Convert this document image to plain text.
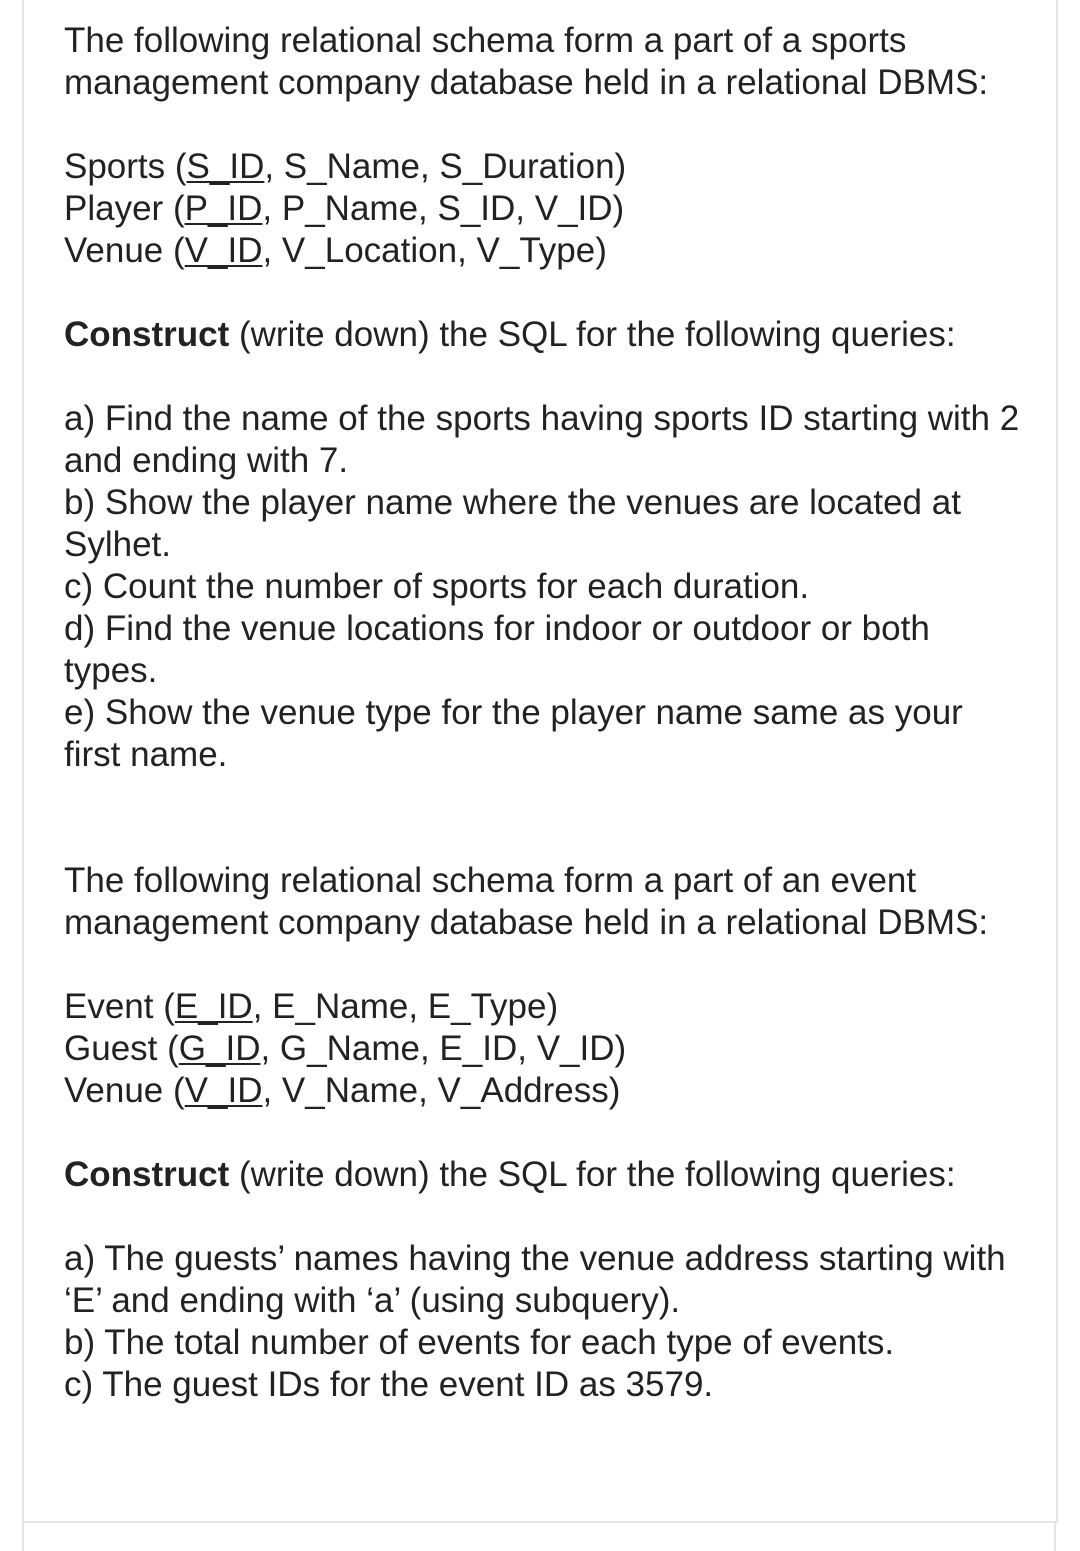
The following relational schema form a part of a sports management company database held in a relational DBMS:

Sports (S_ID, S_Name, S_Duration)

Player (P_ID, P_Name, S_ID, V_ID)

Venue (V_ID, V_Location, V_Type)

Construct (write down) the SQL for the following queries:

a) Find the name of the sports having sports ID starting with 2 and ending with 7.

b) Show the player name where the venues are located at Sylhet.

c) Count the number of sports for each duration.

d) Find the venue locations for indoor or outdoor or both types.

e) Show the venue type for the player name same as your first name.

The following relational schema form a part of an event management company database held in a relational DBMS:

Event (E_ID, E_Name, E_Type)

Guest (G_ID, G_Name, E_ID, V_ID)

Venue (V_ID, V_Name, V_Address)

Construct (write down) the SQL for the following queries:

a) The guests’ names having the venue address starting with ‘E’ and ending with ‘a’ (using subquery).

b) The total number of events for each type of events.

c) The guest IDs for the event ID as 3579.
